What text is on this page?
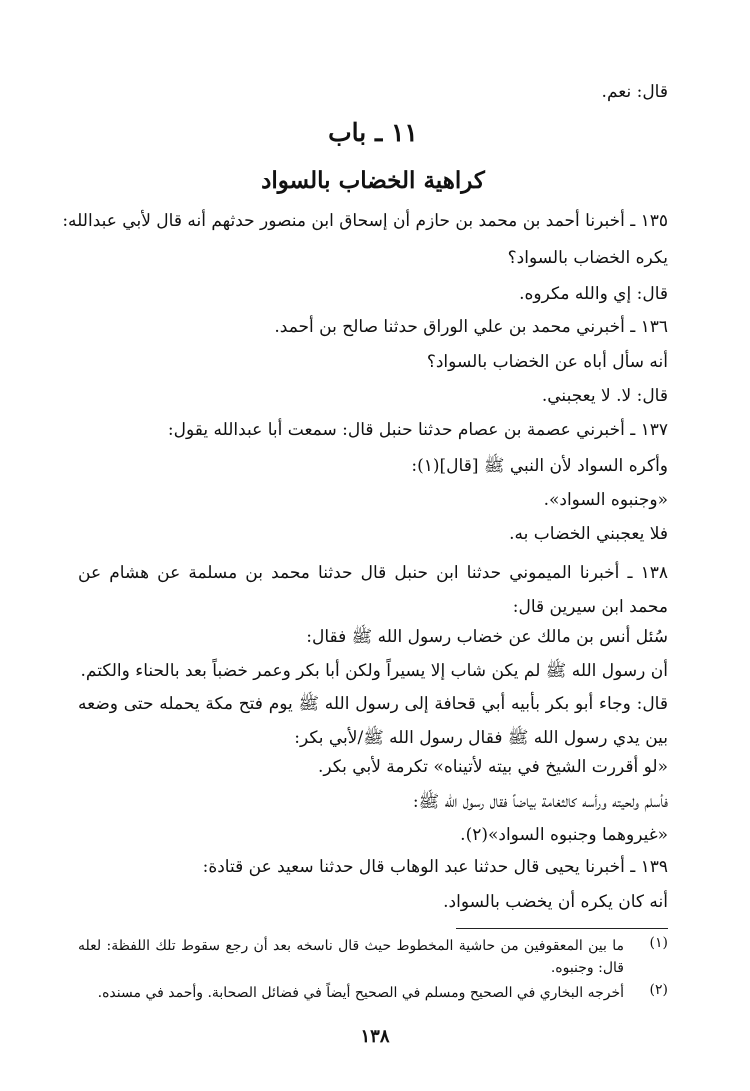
قال: نعم.

١١ ـ باب

كراهية الخضاب بالسواد

١٣٥ ـ أخبرنا أحمد بن محمد بن حازم أن إسحاق ابن منصور حدثهم أنه قال لأبي عبدالله:

يكره الخضاب بالسواد؟

قال: إي والله مكروه.

١٣٦ ـ أخبرني محمد بن علي الوراق حدثنا صالح بن أحمد.

أنه سأل أباه عن الخضاب بالسواد؟

قال: لا. لا يعجبني.

١٣٧ ـ أخبرني عصمة بن عصام حدثنا حنبل قال: سمعت أبا عبدالله يقول:

وأكره السواد لأن النبي ﷺ [قال](١):

«وجنبوه السواد».

فلا يعجبني الخضاب به.

١٣٨ ـ أخبرنا الميموني حدثنا ابن حنبل قال حدثنا محمد بن مسلمة عن هشام عن محمد ابن سيرين قال:

سُئل أنس بن مالك عن خضاب رسول الله ﷺ فقال:

أن رسول الله ﷺ لم يكن شاب إلا يسيراً ولكن أبا بكر وعمر خضباً بعد بالحناء والكتم.

قال: وجاء أبو بكر بأبيه أبي قحافة إلى رسول الله ﷺ يوم فتح مكة يحمله حتى وضعه بين يدي رسول الله ﷺ فقال رسول الله ﷺ/لأبي بكر:

«لو أقررت الشيخ في بيته لأتيناه» تكرمة لأبي بكر.

فأسلم ولحيته ورأسه كالثغامة بياضاً فقال رسول الله ﷺ:

«غيروهما وجنبوه السواد»(٢).

١٣٩ ـ أخبرنا يحيى قال حدثنا عبد الوهاب قال حدثنا سعيد عن قتادة:

أنه كان يكره أن يخضب بالسواد.

(١)
ما بين المعقوفين من حاشية المخطوط حيث قال ناسخه بعد أن رجع سقوط تلك اللفظة: لعله قال: وجنبوه.
(٢)
أخرجه البخاري في الصحيح ومسلم في الصحيح أيضاً في فضائل الصحابة. وأحمد في مسنده.
١٣٨
